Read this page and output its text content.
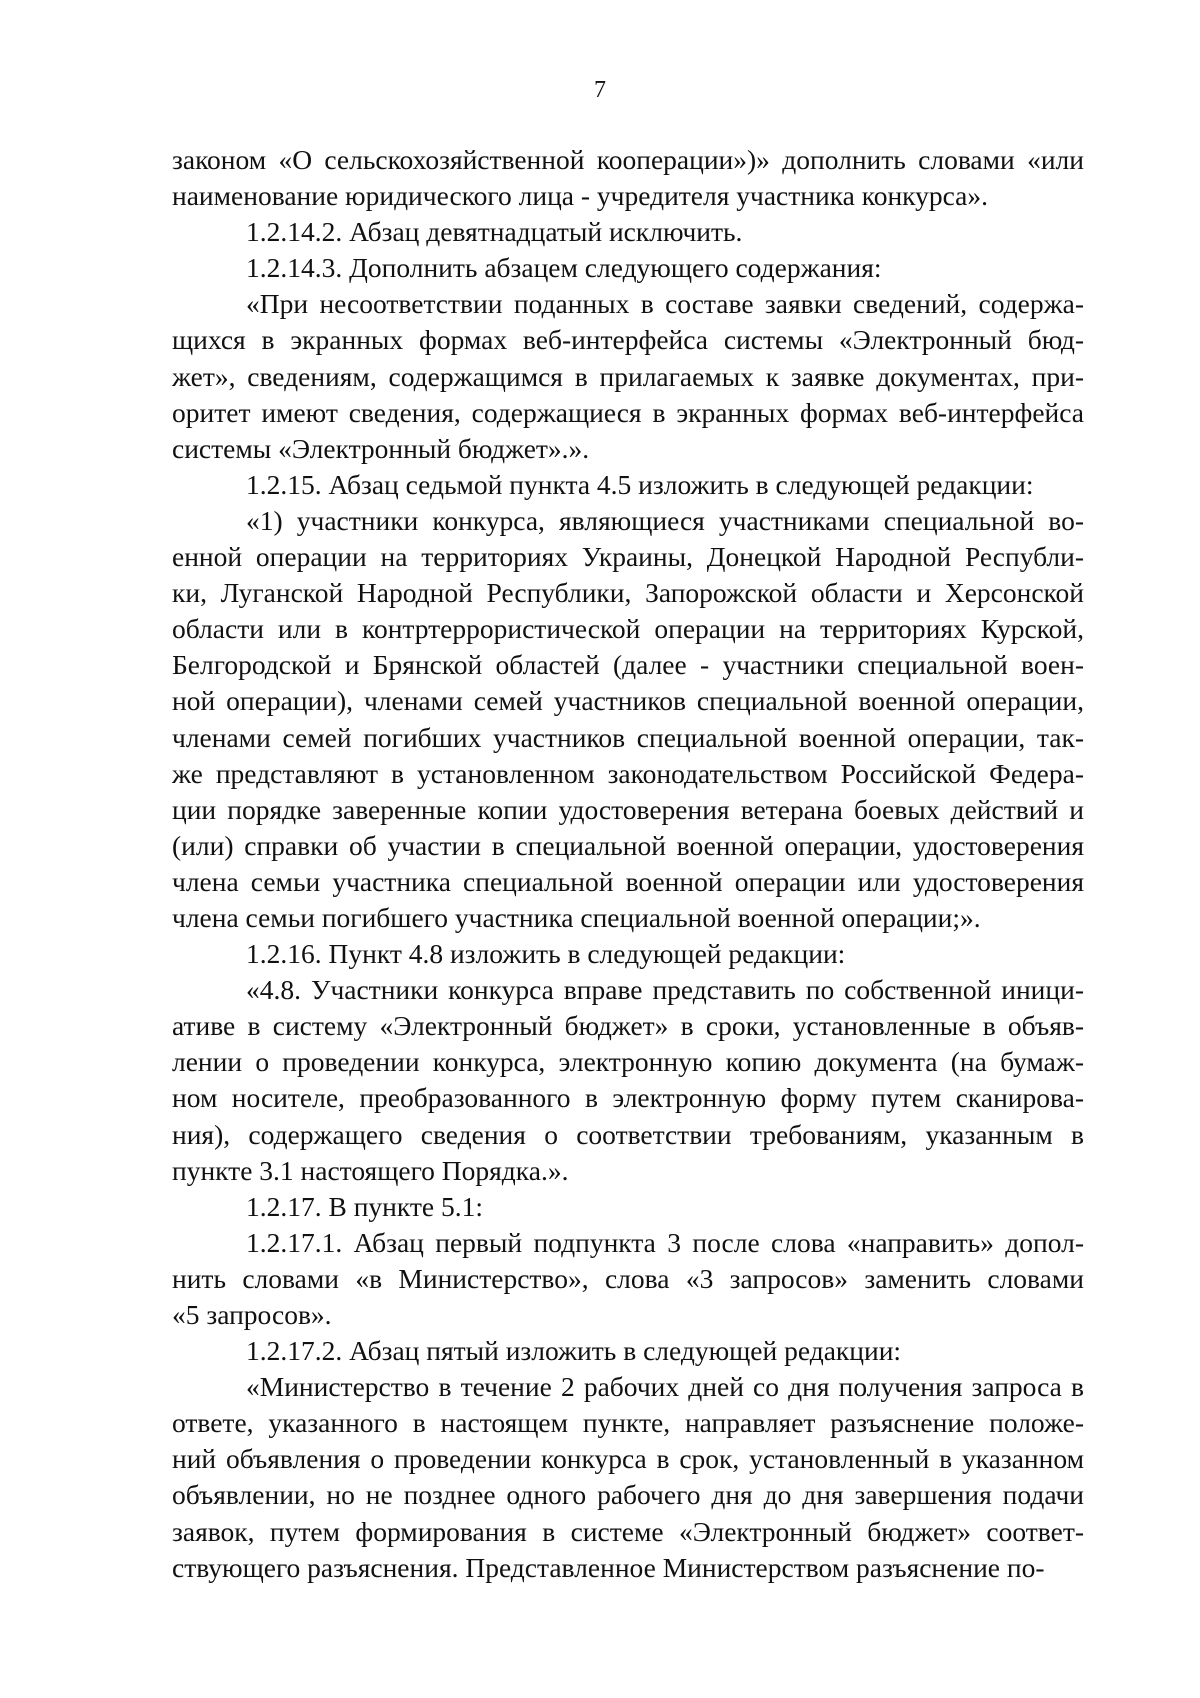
7
законом «О сельскохозяйственной кооперации»)» дополнить словами «или
наименование юридического лица - учредителя участника конкурса».
1.2.14.2. Абзац девятнадцатый исключить.
1.2.14.3. Дополнить абзацем следующего содержания:
«При несоответствии поданных в составе заявки сведений, содержа-
щихся в экранных формах веб-интерфейса системы «Электронный бюд-
жет», сведениям, содержащимся в прилагаемых к заявке документах, при-
оритет имеют сведения, содержащиеся в экранных формах веб-интерфейса
системы «Электронный бюджет».».
1.2.15. Абзац седьмой пункта 4.5 изложить в следующей редакции:
«1) участники конкурса, являющиеся участниками специальной во-
енной операции на территориях Украины, Донецкой Народной Республи-
ки, Луганской Народной Республики, Запорожской области и Херсонской
области или в контртеррористической операции на территориях Курской,
Белгородской и Брянской областей (далее - участники специальной воен-
ной операции), членами семей участников специальной военной операции,
членами семей погибших участников специальной военной операции, так-
же представляют в установленном законодательством Российской Федера-
ции порядке заверенные копии удостоверения ветерана боевых действий и
(или) справки об участии в специальной военной операции, удостоверения
члена семьи участника специальной военной операции или удостоверения
члена семьи погибшего участника специальной военной операции;».
1.2.16. Пункт 4.8 изложить в следующей редакции:
«4.8. Участники конкурса вправе представить по собственной иници-
ативе в систему «Электронный бюджет» в сроки, установленные в объяв-
лении о проведении конкурса, электронную копию документа (на бумаж-
ном носителе, преобразованного в электронную форму путем сканирова-
ния), содержащего сведения о соответствии требованиям, указанным в
пункте 3.1 настоящего Порядка.».
1.2.17. В пункте 5.1:
1.2.17.1. Абзац первый подпункта 3 после слова «направить» допол-
нить словами «в Министерство», слова «3 запросов» заменить словами
«5 запросов».
1.2.17.2. Абзац пятый изложить в следующей редакции:
«Министерство в течение 2 рабочих дней со дня получения запроса в
ответе, указанного в настоящем пункте, направляет разъяснение положе-
ний объявления о проведении конкурса в срок, установленный в указанном
объявлении, но не позднее одного рабочего дня до дня завершения подачи
заявок, путем формирования в системе «Электронный бюджет» соответ-
ствующего разъяснения. Представленное Министерством разъяснение по-
